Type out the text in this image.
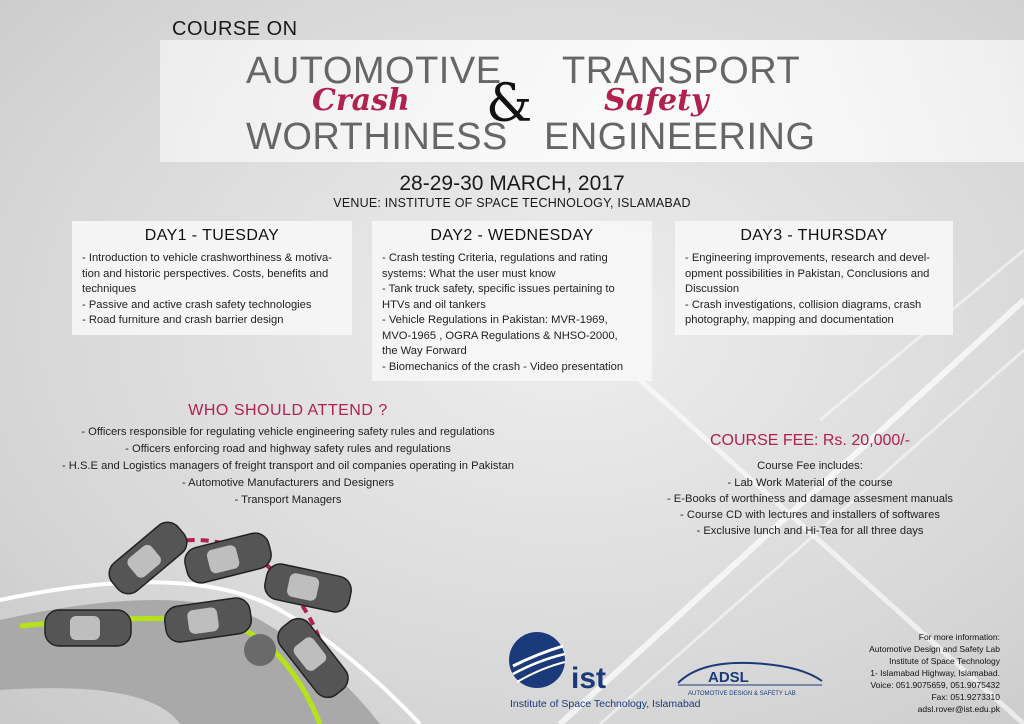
COURSE ON
AUTOMOTIVE
Crash
WORTHINESS
&
TRANSPORT
Safety
ENGINEERING
28-29-30 MARCH, 2017
VENUE: INSTITUTE OF SPACE TECHNOLOGY, ISLAMABAD
DAY1 - TUESDAY
- Introduction to vehicle crashworthiness & motiva-
tion and historic perspectives. Costs, benefits and
techniques
- Passive and active crash safety technologies
- Road furniture and crash barrier design
DAY2 - WEDNESDAY
- Crash testing Criteria, regulations and rating
systems: What the user must know
- Tank truck safety, specific issues pertaining to
HTVs and oil tankers
- Vehicle Regulations in Pakistan: MVR-1969,
MVO-1965 , OGRA Regulations & NHSO-2000,
the Way Forward
- Biomechanics of the crash - Video presentation
DAY3 - THURSDAY
- Engineering improvements, research and devel-
opment possibilities in Pakistan, Conclusions and
Discussion
- Crash investigations, collision diagrams, crash
photography, mapping and documentation
WHO SHOULD ATTEND ?
- Officers responsible for regulating vehicle engineering safety rules and regulations
- Officers enforcing road and highway safety rules and regulations
- H.S.E and Logistics managers of freight transport and oil companies operating in Pakistan
- Automotive Manufacturers and Designers
- Transport Managers
COURSE FEE: Rs. 20,000/-
Course Fee includes:
- Lab Work Material of the course
- E-Books of worthiness and damage assesment manuals
- Course CD with lectures and installers of softwares
- Exclusive lunch and Hi-Tea for all three days
ist
Institute of Space Technology, Islamabad
ADSL
AUTOMOTIVE DESIGN & SAFETY LAB
For more information:
Automotive Design and Safety Lab
Institute of Space Technology
1- Islamabad Highway, Islamabad.
Voice: 051.9075659, 051.9075432
Fax: 051.9273310
adsl.rover@ist.edu.pk
